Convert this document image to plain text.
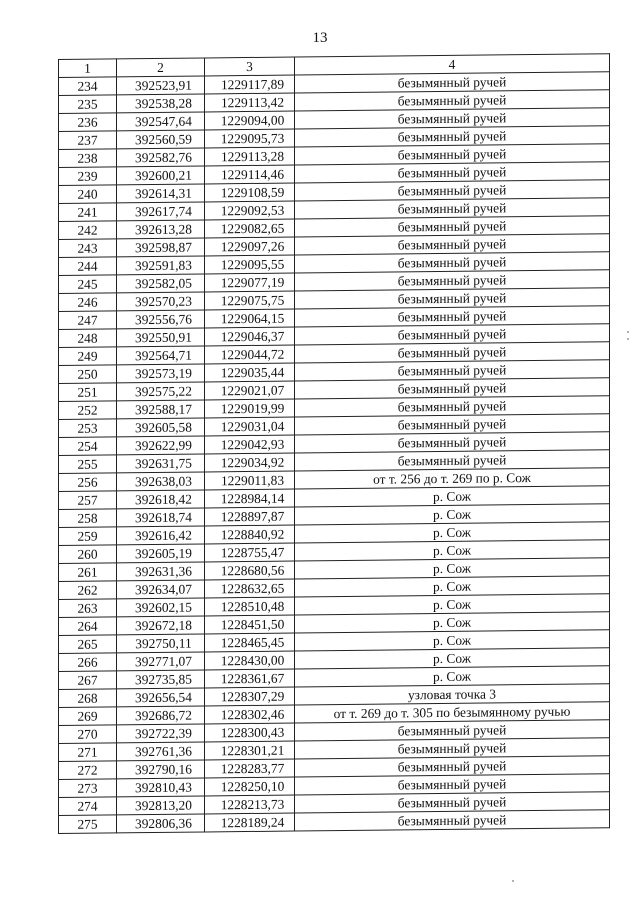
13
1	2	3	4
234	392523,91	1229117,89	безымянный ручей
235	392538,28	1229113,42	безымянный ручей
236	392547,64	1229094,00	безымянный ручей
237	392560,59	1229095,73	безымянный ручей
238	392582,76	1229113,28	безымянный ручей
239	392600,21	1229114,46	безымянный ручей
240	392614,31	1229108,59	безымянный ручей
241	392617,74	1229092,53	безымянный ручей
242	392613,28	1229082,65	безымянный ручей
243	392598,87	1229097,26	безымянный ручей
244	392591,83	1229095,55	безымянный ручей
245	392582,05	1229077,19	безымянный ручей
246	392570,23	1229075,75	безымянный ручей
247	392556,76	1229064,15	безымянный ручей
248	392550,91	1229046,37	безымянный ручей
249	392564,71	1229044,72	безымянный ручей
250	392573,19	1229035,44	безымянный ручей
251	392575,22	1229021,07	безымянный ручей
252	392588,17	1229019,99	безымянный ручей
253	392605,58	1229031,04	безымянный ручей
254	392622,99	1229042,93	безымянный ручей
255	392631,75	1229034,92	безымянный ручей
256	392638,03	1229011,83	от т. 256 до т. 269 по р. Сож
257	392618,42	1228984,14	р. Сож
258	392618,74	1228897,87	р. Сож
259	392616,42	1228840,92	р. Сож
260	392605,19	1228755,47	р. Сож
261	392631,36	1228680,56	р. Сож
262	392634,07	1228632,65	р. Сож
263	392602,15	1228510,48	р. Сож
264	392672,18	1228451,50	р. Сож
265	392750,11	1228465,45	р. Сож
266	392771,07	1228430,00	р. Сож
267	392735,85	1228361,67	р. Сож
268	392656,54	1228307,29	узловая точка 3
269	392686,72	1228302,46	от т. 269 до т. 305 по безымянному ручью
270	392722,39	1228300,43	безымянный ручей
271	392761,36	1228301,21	безымянный ручей
272	392790,16	1228283,77	безымянный ручей
273	392810,43	1228250,10	безымянный ручей
274	392813,20	1228213,73	безымянный ручей
275	392806,36	1228189,24	безымянный ручей
